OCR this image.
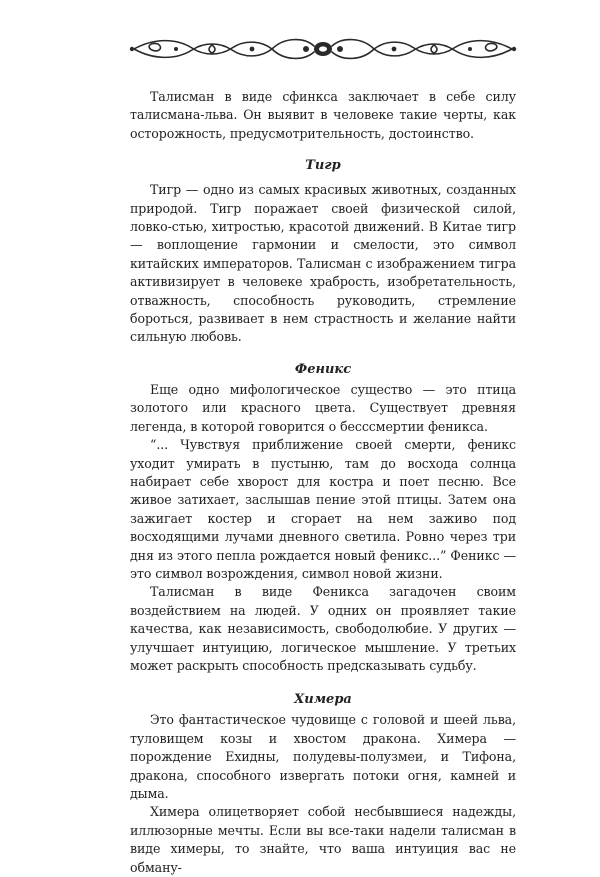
Талисман в виде сфинкса заключает в себе силу талисмана-льва. Он выявит в человеке такие черты, как осторожность, предусмотрительность, достоинство.

Тигр

Тигр — одно из самых красивых животных, созданных природой. Тигр поражает своей физической силой, ловко-стью, хитростью, красотой движений. В Китае тигр — воплощение гармонии и смелости, это символ китайских императоров. Талисман с изображением тигра активизирует в человеке храбрость, изобретательность, отважность, способность руководить, стремление бороться, развивает в нем страстность и желание найти сильную любовь.

Феникс

Еще одно мифологическое существо — это птица золотого или красного цвета. Существует древняя легенда, в которой говорится о бесссмертии феникса.

“... Чувствуя приближение своей смерти, феникс уходит умирать в пустыню, там до восхода солнца набирает себе хворост для костра и поет песню. Все живое затихает, заслышав пение этой птицы. Затем она зажигает костер и сгорает на нем заживо под восходящими лучами дневного светила. Ровно через три дня из этого пепла рождается новый феникс...” Феникс — это символ возрождения, символ новой жизни.

Талисман в виде Феникса загадочен своим воздействием на людей. У одних он проявляет такие качества, как независимость, свободолюбие. У других — улучшает интуицию, логическое мышление. У третьих может раскрыть способность предсказывать судьбу.

Химера

Это фантастическое чудовище с головой и шеей льва, туловищем козы и хвостом дракона. Химера — порождение Ехидны, полудевы-полузмеи, и Тифона, дракона, способного извергать потоки огня, камней и дыма.

Химера олицетворяет собой несбывшиеся надежды, иллюзорные мечты. Если вы все-таки надели талисман в виде химеры, то знайте, что ваша интуиция вас не обману-
